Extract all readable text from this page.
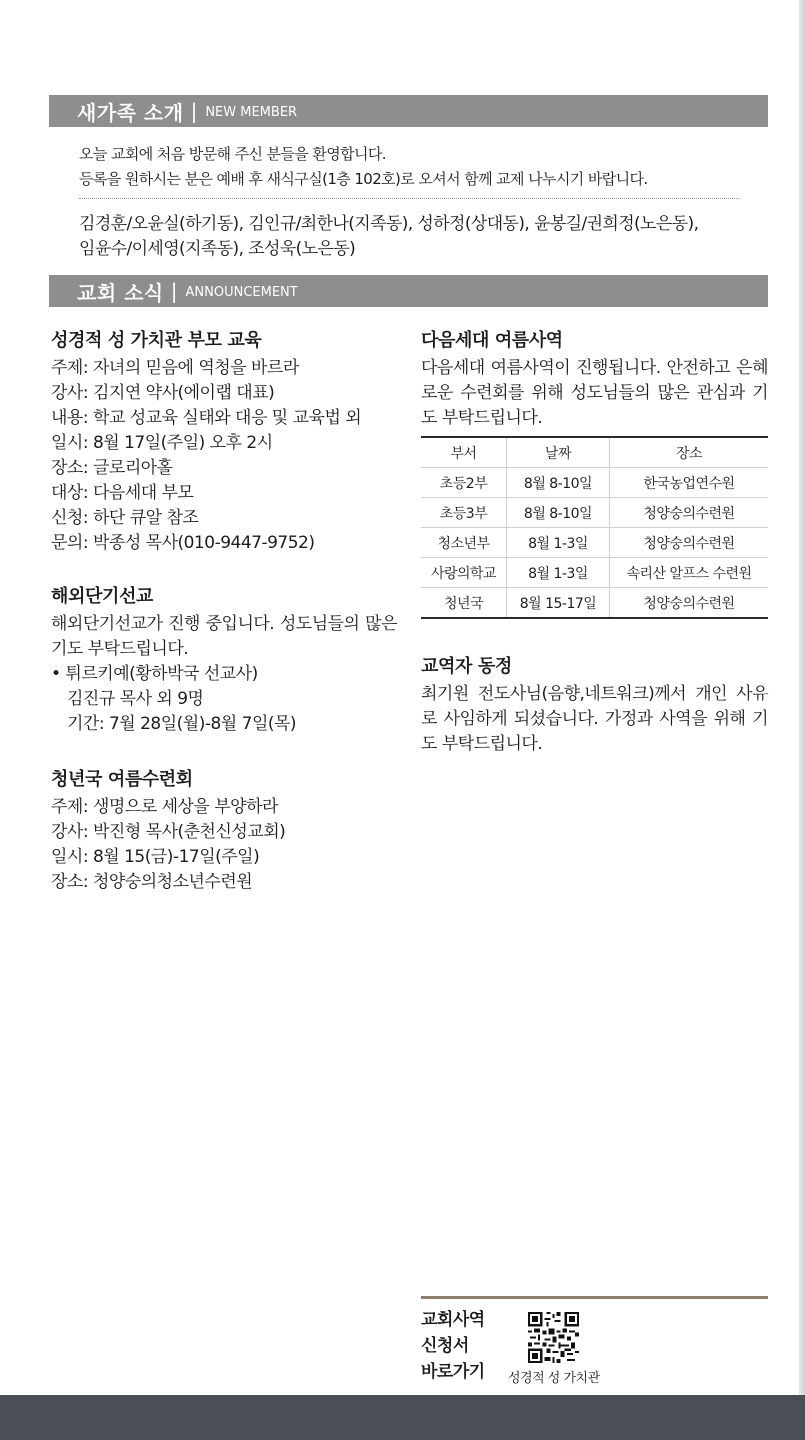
새가족 소개 | NEW MEMBER
오늘 교회에 처음 방문해 주신 분들을 환영합니다.
등록을 원하시는 분은 예배 후 새식구실(1층 102호)로 오셔서 함께 교제 나누시기 바랍니다.
김경훈/오윤실(하기동), 김인규/최한나(지족동), 성하정(상대동), 윤봉길/권희정(노은동),
임윤수/이세영(지족동), 조성욱(노은동)
교회 소식 | ANNOUNCEMENT
성경적 성 가치관 부모 교육
주제: 자녀의 믿음에 역청을 바르라
강사: 김지연 약사(에이랩 대표)
내용: 학교 성교육 실태와 대응 및 교육법 외
일시: 8월 17일(주일) 오후 2시
장소: 글로리아홀
대상: 다음세대 부모
신청: 하단 큐알 참조
문의: 박종성 목사(010-9447-9752)
해외단기선교
해외단기선교가 진행 중입니다. 성도님들의 많은 기도 부탁드립니다.
• 튀르키예(황하박국 선교사)
김진규 목사 외 9명
기간: 7월 28일(월)-8월 7일(목)
청년국 여름수련회
주제: 생명으로 세상을 부양하라
강사: 박진형 목사(춘천신성교회)
일시: 8월 15(금)-17일(주일)
장소: 청양숭의청소년수련원
다음세대 여름사역
다음세대 여름사역이 진행됩니다. 안전하고 은혜로운 수련회를 위해 성도님들의 많은 관심과 기도 부탁드립니다.
부서	날짜	장소
초등2부	8월 8-10일	한국농업연수원
초등3부	8월 8-10일	청양숭의수련원
청소년부	8월 1-3일	청양숭의수련원
사랑의학교	8월 1-3일	속리산 알프스 수련원
청년국	8월 15-17일	청양숭의수련원
교역자 동정
최기원 전도사님(음향,네트워크)께서 개인 사유로 사임하게 되셨습니다. 가정과 사역을 위해 기도 부탁드립니다.
교회사역
신청서
바로가기 성경적 성 가치관
